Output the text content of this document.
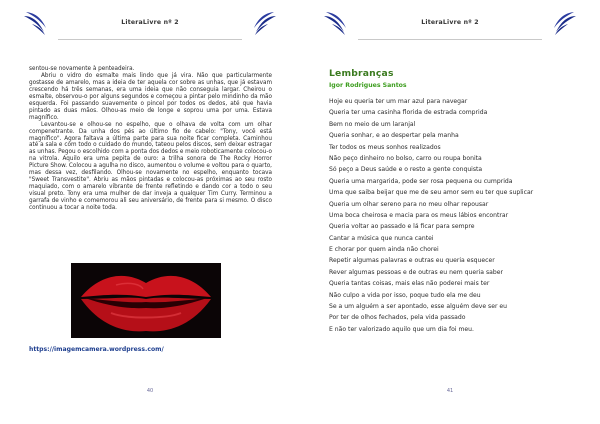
LiteraLivre nº 2

sentou-se novamente à penteadeira.

Abriu o vidro do esmalte mais lindo que já vira. Não que particularmente gostasse de amarelo, mas a ideia de ter aquela cor sobre as unhas, que já estavam crescendo há três semanas, era uma ideia que não conseguia largar. Cheirou o esmalte, observou-o por alguns segundos e começou a pintar pelo mindinho da mão esquerda. Foi passando suavemente o pincel por todos os dedos, até que havia pintado as duas mãos. Olhou-as meio de longe e soprou uma por uma. Estava magnífico.

Levantou-se e olhou-se no espelho, que o olhava de volta com um olhar compenetrante. Da unha dos pés ao último fio de cabelo: "Tony, você está magnífico". Agora faltava a última parte para sua noite ficar completa. Caminhou até a sala e com todo o cuidado do mundo, tateou pelos discos, sem deixar estragar as unhas. Pegou o escolhido com a ponta dos dedos e meio roboticamente colocou-o na vitrola. Aquilo era uma pepita de ouro: a trilha sonora de The Rocky Horror Picture Show. Colocou a agulha no disco, aumentou o volume e voltou para o quarto, mas dessa vez, desfilando. Olhou-se novamente no espelho, enquanto tocava "Sweet Transvestite". Abriu as mãos pintadas e colocou-as próximas ao seu rosto maquiado, com o amarelo vibrante de frente refletindo e dando cor a todo o seu visual preto. Tony era uma mulher de dar inveja a qualquer Tim Curry. Terminou a garrafa de vinho e comemorou ali seu aniversário, de frente para si mesmo. O disco continuou a tocar a noite toda.

https://imagemcamera.wordpress.com/
40
LiteraLivre nº 2
Lembranças
Igor Rodrigues Santos
Hoje eu queria ter um mar azul para navegar
Queria ter uma casinha florida de estrada comprida
Bem no meio de um laranjal
Queria sonhar, e ao despertar pela manha
Ter todos os meus sonhos realizados
Não peço dinheiro no bolso, carro ou roupa bonita
Só peço a Deus saúde e o resto a gente conquista
Queria uma margarida, pode ser rosa pequena ou cumprida
Uma que saiba beijar que me de seu amor sem eu ter que suplicar
Queria um olhar sereno para no meu olhar repousar
Uma boca cheirosa e macia para os meus lábios encontrar
Queria voltar ao passado e lá ficar para sempre
Cantar a música que nunca cantei
E chorar por quem ainda não chorei
Repetir algumas palavras e outras eu queria esquecer
Rever algumas pessoas e de outras eu nem queria saber
Queria tantas coisas, mais elas não poderei mais ter
Não culpo a vida por isso, poque tudo ela me deu
Se a um alguém a ser apontado, esse alguém deve ser eu
Por ter de olhos fechados, pela vida passado
E não ter valorizado aquilo que um dia foi meu.
41
